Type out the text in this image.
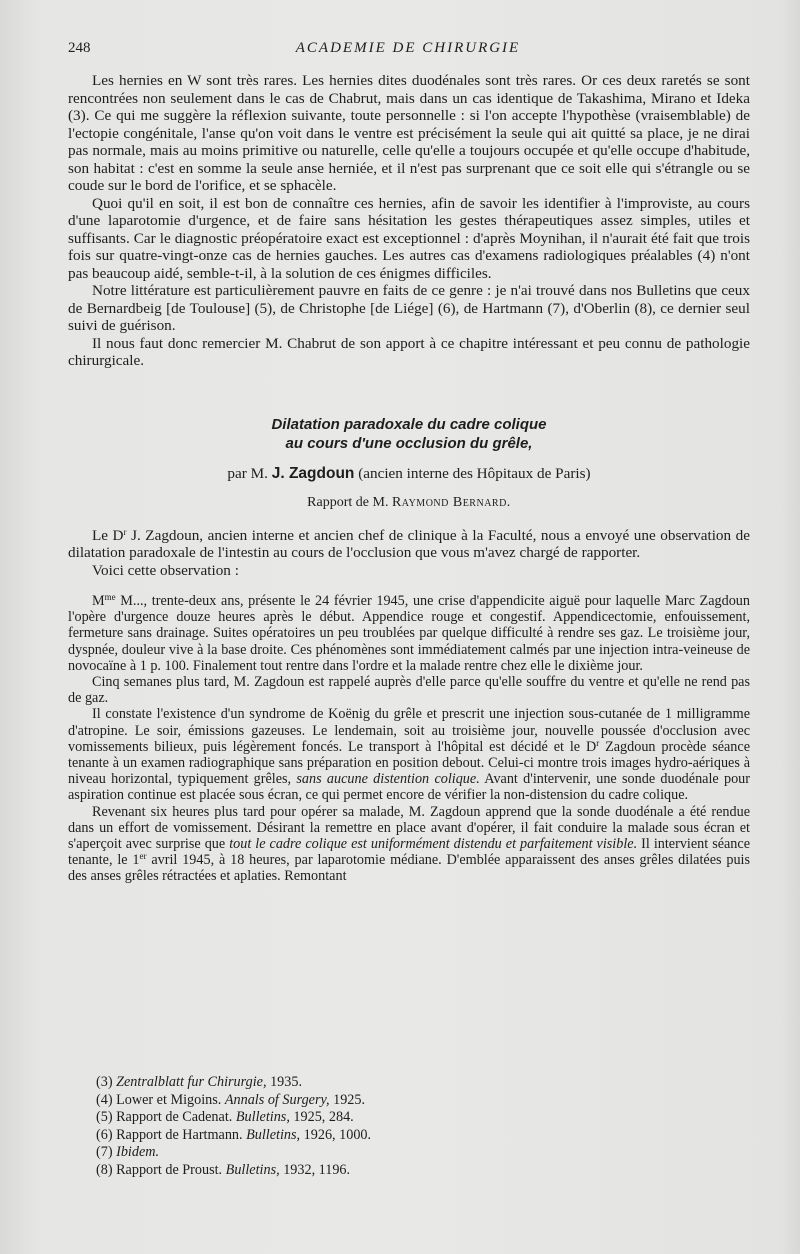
248	ACADEMIE DE CHIRURGIE

Les hernies en W sont très rares. Les hernies dites duodénales sont très rares. Or ces deux raretés se sont rencontrées non seulement dans le cas de Chabrut, mais dans un cas identique de Takashima, Mirano et Ideka (3). Ce qui me suggère la réflexion suivante, toute personnelle : si l'on accepte l'hypothèse (vraisemblable) de l'ectopie congénitale, l'anse qu'on voit dans le ventre est précisément la seule qui ait quitté sa place, je ne dirai pas normale, mais au moins primitive ou naturelle, celle qu'elle a toujours occupée et qu'elle occupe d'habitude, son habitat : c'est en somme la seule anse herniée, et il n'est pas surprenant que ce soit elle qui s'étrangle ou se coude sur le bord de l'orifice, et se sphacèle.

Quoi qu'il en soit, il est bon de connaître ces hernies, afin de savoir les identifier à l'improviste, au cours d'une laparotomie d'urgence, et de faire sans hésitation les gestes thérapeutiques assez simples, utiles et suffisants. Car le diagnostic préopératoire exact est exceptionnel : d'après Moynihan, il n'aurait été fait que trois fois sur quatre-vingt-onze cas de hernies gauches. Les autres cas d'examens radiologiques préalables (4) n'ont pas beaucoup aidé, semble-t-il, à la solution de ces énigmes difficiles.

Notre littérature est particulièrement pauvre en faits de ce genre : je n'ai trouvé dans nos Bulletins que ceux de Bernardbeig [de Toulouse] (5), de Christophe [de Liége] (6), de Hartmann (7), d'Oberlin (8), ce dernier seul suivi de guérison.

Il nous faut donc remercier M. Chabrut de son apport à ce chapitre intéressant et peu connu de pathologie chirurgicale.

Dilatation paradoxale du cadre colique
au cours d'une occlusion du grêle,
par M. J. Zagdoun (ancien interne des Hôpitaux de Paris)
Rapport de M. Raymond Bernard.

Le $D^r$ J. Zagdoun, ancien interne et ancien chef de clinique à la Faculté, nous a envoyé une observation de dilatation paradoxale de l'intestin au cours de l'occlusion que vous m'avez chargé de rapporter.

Voici cette observation :

$M^{me}$ M..., trente-deux ans, présente le 24 février 1945, une crise d'appendicite aiguë pour laquelle Marc Zagdoun l'opère d'urgence douze heures après le début. Appendice rouge et congestif. Appendicectomie, enfouissement, fermeture sans drainage. Suites opératoires un peu troublées par quelque difficulté à rendre ses gaz. Le troisième jour, dyspnée, douleur vive à la base droite. Ces phénomènes sont immédiatement calmés par une injection intra-veineuse de novocaïne à 1 p. 100. Finalement tout rentre dans l'ordre et la malade rentre chez elle le dixième jour.

Cinq semanes plus tard, M. Zagdoun est rappelé auprès d'elle parce qu'elle souffre du ventre et qu'elle ne rend pas de gaz.

Il constate l'existence d'un syndrome de Koënig du grêle et prescrit une injection sous-cutanée de 1 milligramme d'atropine. Le soir, émissions gazeuses. Le lendemain, soit au troisième jour, nouvelle poussée d'occlusion avec vomissements bilieux, puis légèrement foncés. Le transport à l'hôpital est décidé et le $D^r$ Zagdoun procède séance tenante à un examen radiographique sans préparation en position debout. Celui-ci montre trois images hydro-aériques à niveau horizontal, typiquement grêles, sans aucune distention colique. Avant d'intervenir, une sonde duodénale pour aspiration continue est placée sous écran, ce qui permet encore de vérifier la non-distension du cadre colique.

Revenant six heures plus tard pour opérer sa malade, M. Zagdoun apprend que la sonde duodénale a été rendue dans un effort de vomissement. Désirant la remettre en place avant d'opérer, il fait conduire la malade sous écran et s'aperçoit avec surprise que tout le cadre colique est uniformément distendu et parfaitement visible. Il intervient séance tenante, le 1er avril 1945, à 18 heures, par laparotomie médiane. D'emblée apparaissent des anses grêles dilatées puis des anses grêles rétractées et aplaties. Remontant

(3) Zentralblatt fur Chirurgie, 1935.
(4) Lower et Migoins. Annals of Surgery, 1925.
(5) Rapport de Cadenat. Bulletins, 1925, 284.
(6) Rapport de Hartmann. Bulletins, 1926, 1000.
(7) Ibidem.
(8) Rapport de Proust. Bulletins, 1932, 1196.
